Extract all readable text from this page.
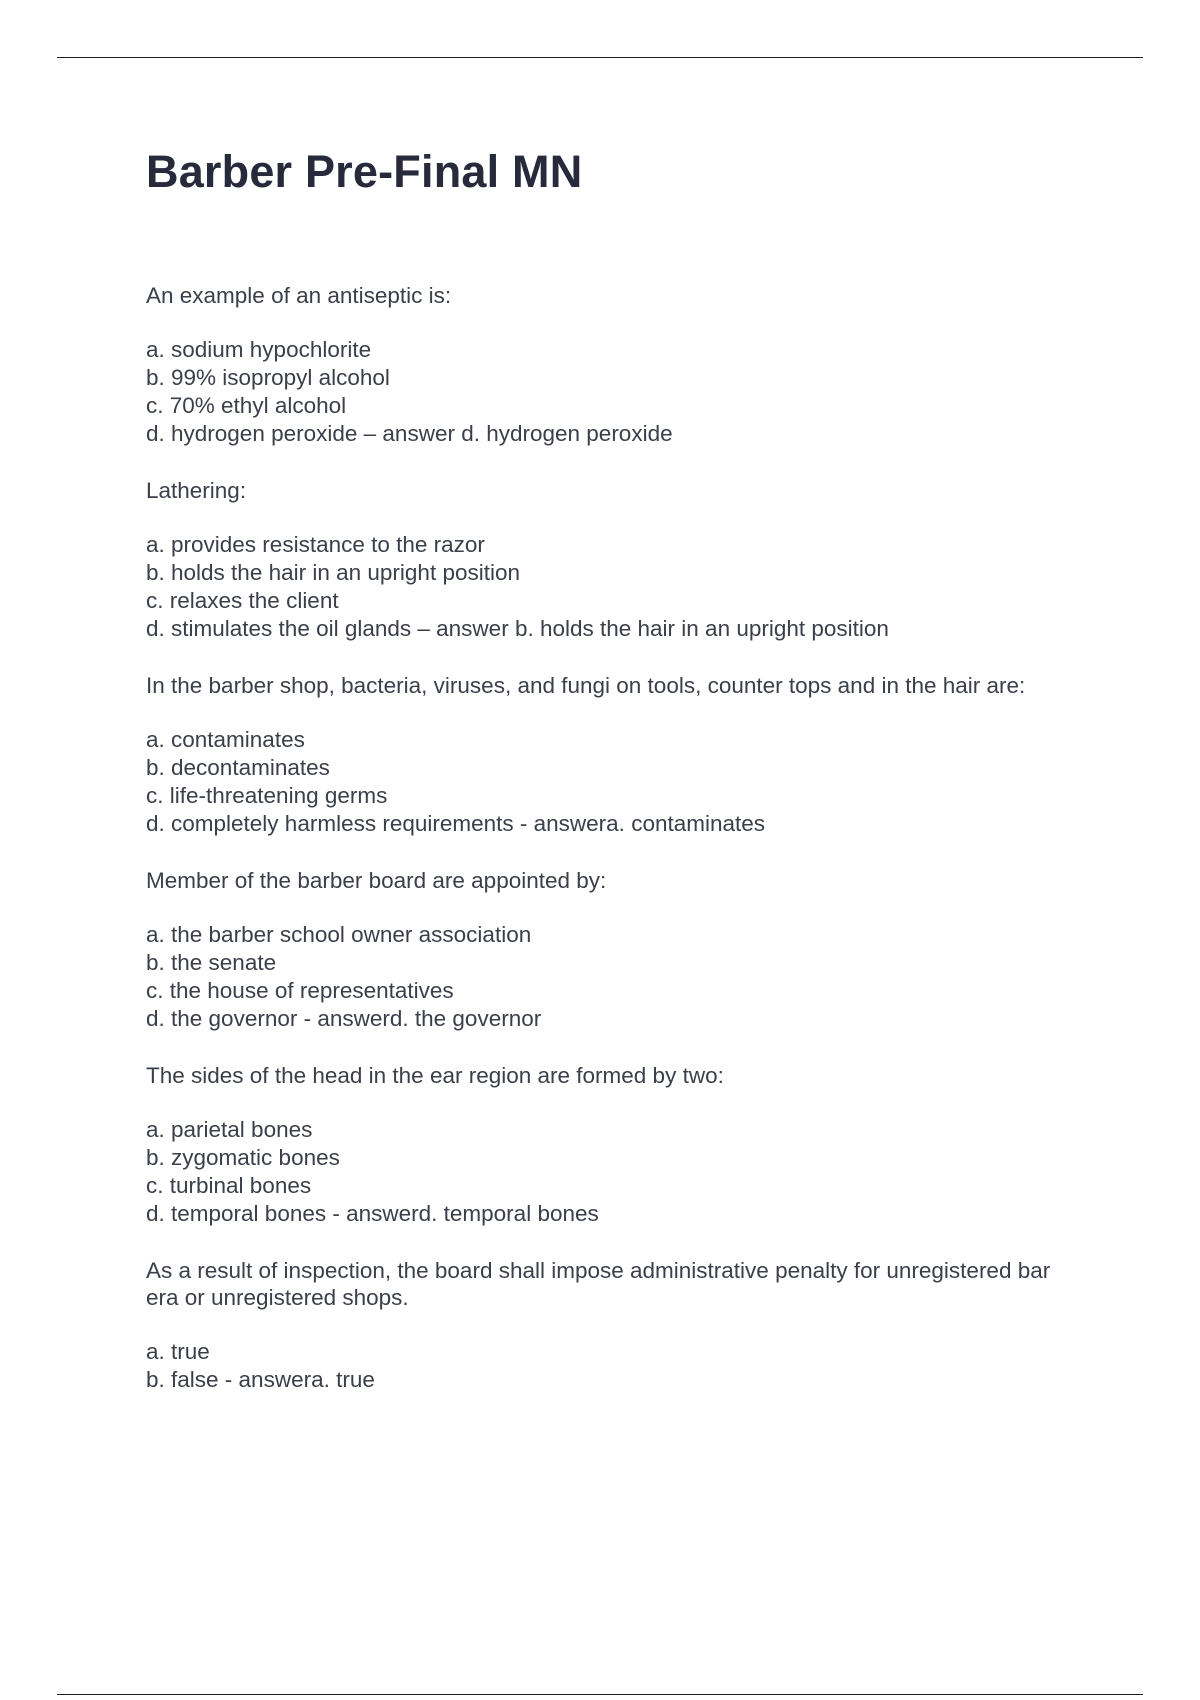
Barber Pre-Final MN

An example of an antiseptic is:

a. sodium hypochlorite

b. 99% isopropyl alcohol

c. 70% ethyl alcohol

d. hydrogen peroxide – answer d. hydrogen peroxide

Lathering:

a. provides resistance to the razor

b. holds the hair in an upright position

c. relaxes the client

d. stimulates the oil glands – answer b. holds the hair in an upright position

In the barber shop, bacteria, viruses, and fungi on tools, counter tops and in the hair are:

a. contaminates

b. decontaminates

c. life-threatening germs

d. completely harmless requirements - answera. contaminates

Member of the barber board are appointed by:

a. the barber school owner association

b. the senate

c. the house of representatives

d. the governor - answerd. the governor

The sides of the head in the ear region are formed by two:

a. parietal bones

b. zygomatic bones

c. turbinal bones

d. temporal bones - answerd. temporal bones

As a result of inspection, the board shall impose administrative penalty for unregistered bar era or unregistered shops.

a. true

b. false - answera. true
